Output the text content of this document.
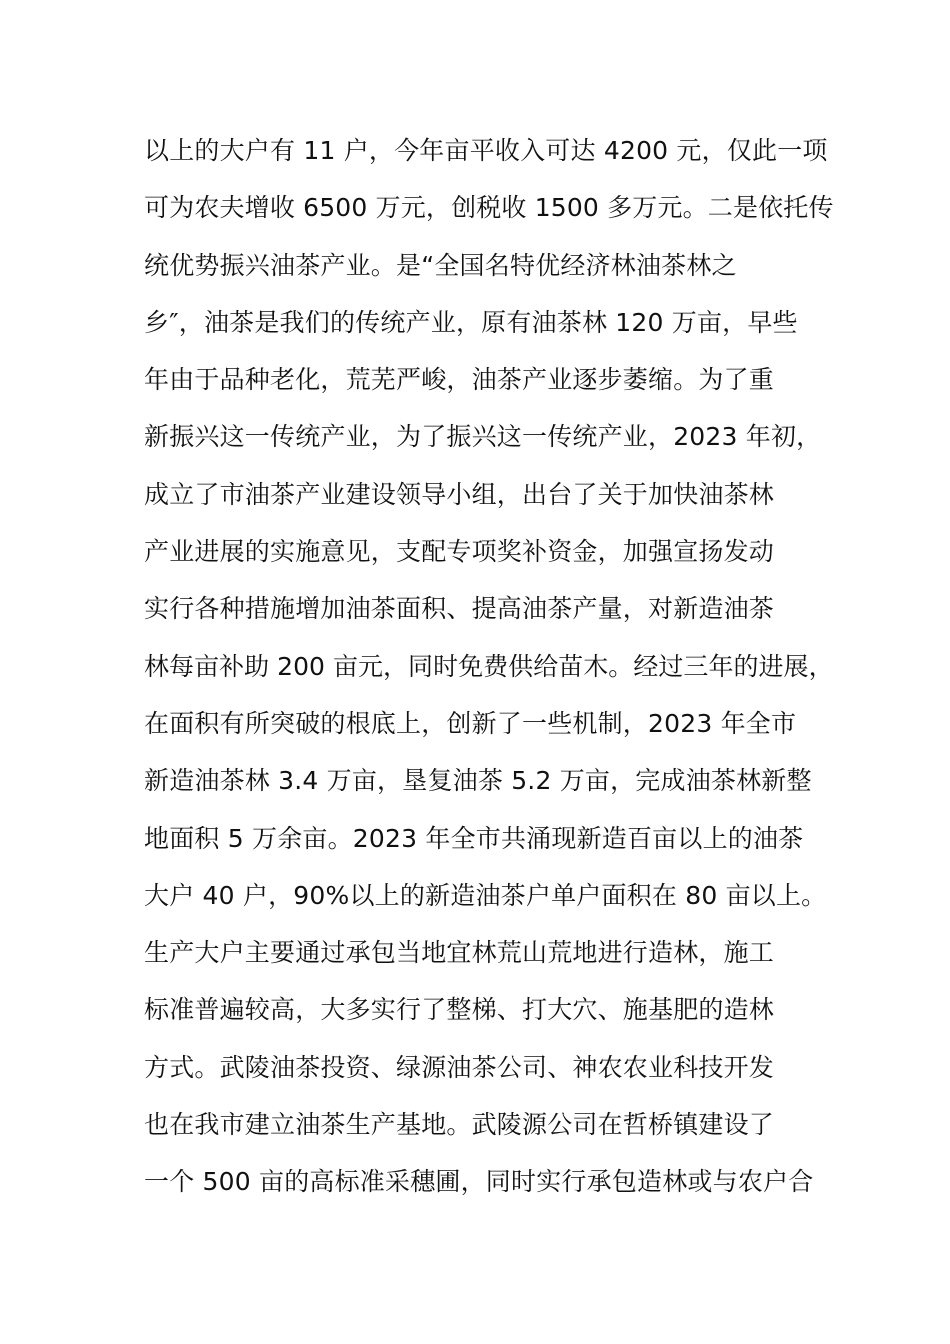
以上的大户有 11 户，今年亩平收入可达 4200 元，仅此一项
可为农夫增收 6500 万元，创税收 1500 多万元。二是依托传
统优势振兴油茶产业。是“全国名特优经济林油茶林之
乡″，油茶是我们的传统产业，原有油茶林 120 万亩，早些
年由于品种老化，荒芜严峻，油茶产业逐步萎缩。为了重
新振兴这一传统产业，为了振兴这一传统产业，2023 年初，
成立了市油茶产业建设领导小组，出台了关于加快油茶林
产业进展的实施意见，支配专项奖补资金，加强宣扬发动
实行各种措施增加油茶面积、提高油茶产量，对新造油茶
林每亩补助 200 亩元，同时免费供给苗木。经过三年的进展，
在面积有所突破的根底上，创新了一些机制，2023 年全市
新造油茶林 3.4 万亩，垦复油茶 5.2 万亩，完成油茶林新整
地面积 5 万余亩。2023 年全市共涌现新造百亩以上的油茶
大户 40 户，90%以上的新造油茶户单户面积在 80 亩以上。
生产大户主要通过承包当地宜林荒山荒地进行造林，施工
标准普遍较高，大多实行了整梯、打大穴、施基肥的造林
方式。武陵油茶投资、绿源油茶公司、神农农业科技开发
也在我市建立油茶生产基地。武陵源公司在哲桥镇建设了
一个 500 亩的高标准采穗圃，同时实行承包造林或与农户合
